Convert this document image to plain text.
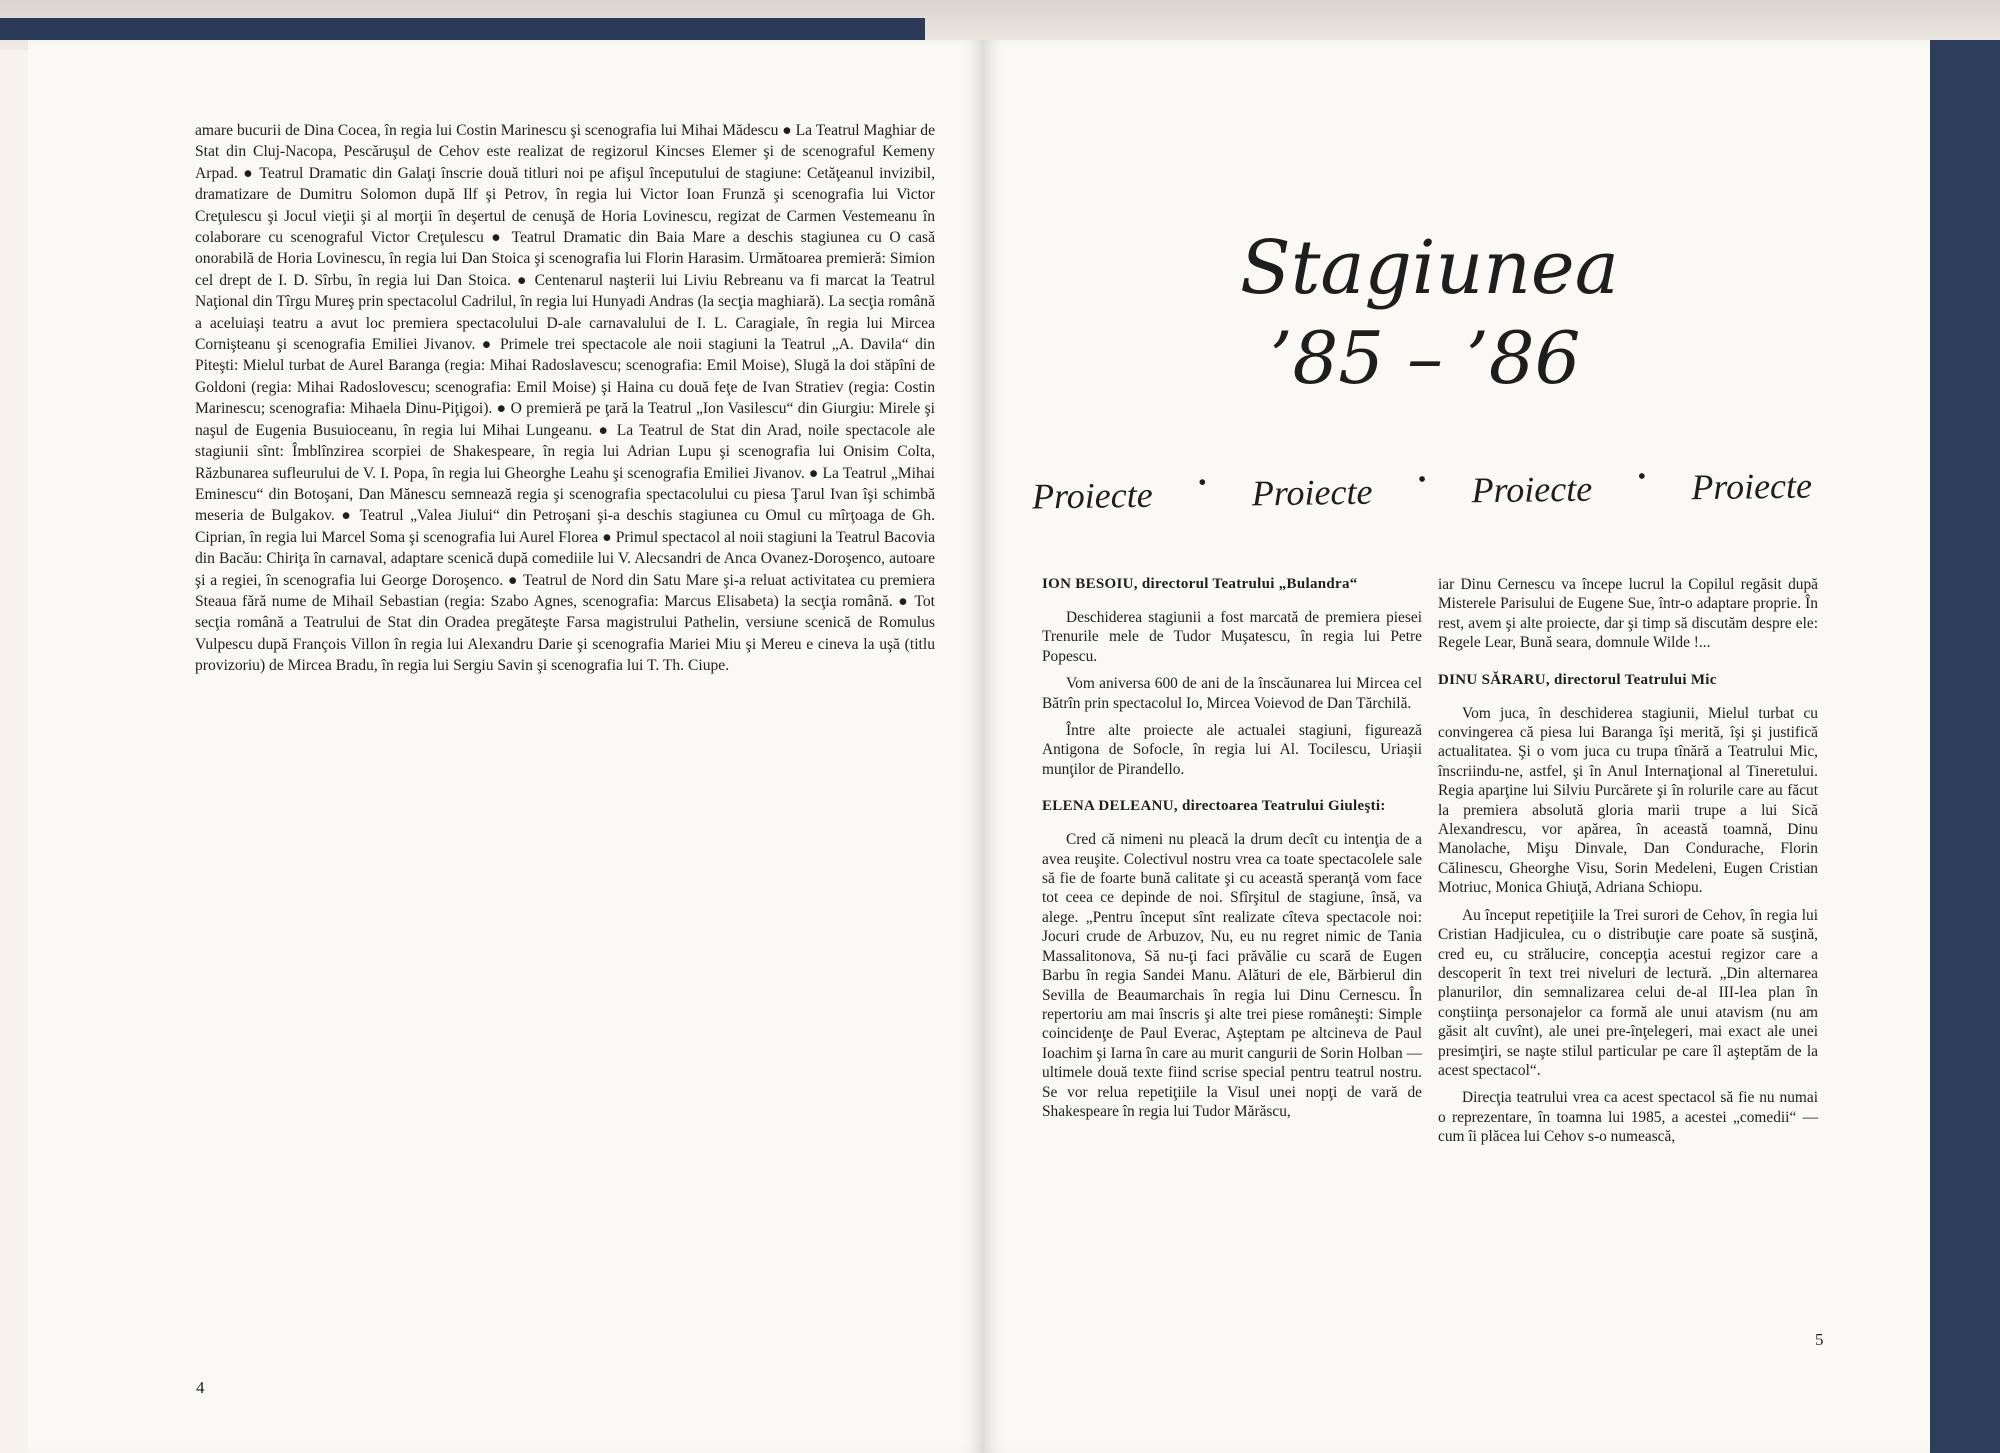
amare bucurii de Dina Cocea, în regia lui Costin Marinescu şi scenografia lui Mihai Mădescu ● La Teatrul Maghiar de Stat din Cluj-Nacopa, Pescăruşul de Cehov este realizat de regizorul Kincses Elemer şi de scenograful Kemeny Arpad. ● Teatrul Dramatic din Galaţi înscrie două titluri noi pe afişul începutului de stagiune: Cetăţeanul invizibil, dramatizare de Dumitru Solomon după Ilf şi Petrov, în regia lui Victor Ioan Frunză şi scenografia lui Victor Creţulescu şi Jocul vieţii şi al morţii în deşertul de cenuşă de Horia Lovinescu, regizat de Carmen Vestemeanu în colaborare cu scenograful Victor Creţulescu ● Teatrul Dramatic din Baia Mare a deschis stagiunea cu O casă onorabilă de Horia Lovinescu, în regia lui Dan Stoica şi scenografia lui Florin Harasim. Următoarea premieră: Simion cel drept de I. D. Sîrbu, în regia lui Dan Stoica. ● Centenarul naşterii lui Liviu Rebreanu va fi marcat la Teatrul Naţional din Tîrgu Mureş prin spectacolul Cadrilul, în regia lui Hunyadi Andras (la secţia maghiară). La secţia română a aceluiaşi teatru a avut loc premiera spectacolului D-ale carnavalului de I. L. Caragiale, în regia lui Mircea Cornişteanu şi scenografia Emiliei Jivanov. ● Primele trei spectacole ale noii stagiuni la Teatrul „A. Davila“ din Piteşti: Mielul turbat de Aurel Baranga (regia: Mihai Radoslavescu; scenografia: Emil Moise), Slugă la doi stăpîni de Goldoni (regia: Mihai Radoslovescu; scenografia: Emil Moise) şi Haina cu două feţe de Ivan Stratiev (regia: Costin Marinescu; scenografia: Mihaela Dinu-Piţigoi). ● O premieră pe ţară la Teatrul „Ion Vasilescu“ din Giurgiu: Mirele şi naşul de Eugenia Busuioceanu, în regia lui Mihai Lungeanu. ● La Teatrul de Stat din Arad, noile spectacole ale stagiunii sînt: Îmblînzirea scorpiei de Shakespeare, în regia lui Adrian Lupu şi scenografia lui Onisim Colta, Răzbunarea sufleurului de V. I. Popa, în regia lui Gheorghe Leahu şi scenografia Emiliei Jivanov. ● La Teatrul „Mihai Eminescu“ din Botoşani, Dan Mănescu semnează regia şi scenografia spectacolului cu piesa Ţarul Ivan îşi schimbă meseria de Bulgakov. ● Teatrul „Valea Jiului“ din Petroşani şi-a deschis stagiunea cu Omul cu mîrţoaga de Gh. Ciprian, în regia lui Marcel Soma şi scenografia lui Aurel Florea ● Primul spectacol al noii stagiuni la Teatrul Bacovia din Bacău: Chiriţa în carnaval, adaptare scenică după comediile lui V. Alecsandri de Anca Ovanez-Doroşenco, autoare şi a regiei, în scenografia lui George Doroşenco. ● Teatrul de Nord din Satu Mare şi-a reluat activitatea cu premiera Steaua fără nume de Mihail Sebastian (regia: Szabo Agnes, scenografia: Marcus Elisabeta) la secţia română. ● Tot secţia română a Teatrului de Stat din Oradea pregăteşte Farsa magistrului Pathelin, versiune scenică de Romulus Vulpescu după François Villon în regia lui Alexandru Darie şi scenografia Mariei Miu şi Mereu e cineva la uşă (titlu provizoriu) de Mircea Bradu, în regia lui Sergiu Savin şi scenografia lui T. Th. Ciupe.

4
Stagiunea
’85 – ’86
Proiecte • Proiecte • Proiecte • Proiecte
ION BESOIU, directorul Teatrului „Bulandra“

Deschiderea stagiunii a fost marcată de premiera piesei Trenurile mele de Tudor Muşatescu, în regia lui Petre Popescu.

Vom aniversa 600 de ani de la înscăunarea lui Mircea cel Bătrîn prin spectacolul Io, Mircea Voievod de Dan Tărchilă.

Între alte proiecte ale actualei stagiuni, figurează Antigona de Sofocle, în regia lui Al. Tocilescu, Uriaşii munţilor de Pirandello.

ELENA DELEANU, directoarea Teatrului Giuleşti:

Cred că nimeni nu pleacă la drum decît cu intenţia de a avea reuşite. Colectivul nostru vrea ca toate spectacolele sale să fie de foarte bună calitate şi cu această speranţă vom face tot ceea ce depinde de noi. Sfîrşitul de stagiune, însă, va alege. „Pentru început sînt realizate cîteva spectacole noi: Jocuri crude de Arbuzov, Nu, eu nu regret nimic de Tania Massalitonova, Să nu-ţi faci prăvălie cu scară de Eugen Barbu în regia Sandei Manu. Alături de ele, Bărbierul din Sevilla de Beaumarchais în regia lui Dinu Cernescu. În repertoriu am mai înscris şi alte trei piese româneşti: Simple coincidenţe de Paul Everac, Aşteptam pe altcineva de Paul Ioachim şi Iarna în care au murit cangurii de Sorin Holban — ultimele două texte fiind scrise special pentru teatrul nostru. Se vor relua repetiţiile la Visul unei nopţi de vară de Shakespeare în regia lui Tudor Mărăscu,

iar Dinu Cernescu va începe lucrul la Copilul regăsit după Misterele Parisului de Eugene Sue, într-o adaptare proprie. În rest, avem şi alte proiecte, dar şi timp să discutăm despre ele: Regele Lear, Bună seara, domnule Wilde !...

DINU SĂRARU, directorul Teatrului Mic

Vom juca, în deschiderea stagiunii, Mielul turbat cu convingerea că piesa lui Baranga îşi merită, îşi şi justifică actualitatea. Şi o vom juca cu trupa tînără a Teatrului Mic, înscriindu-ne, astfel, şi în Anul Internaţional al Tineretului. Regia aparţine lui Silviu Purcărete şi în rolurile care au făcut la premiera absolută gloria marii trupe a lui Sică Alexandrescu, vor apărea, în această toamnă, Dinu Manolache, Mişu Dinvale, Dan Condurache, Florin Călinescu, Gheorghe Visu, Sorin Medeleni, Eugen Cristian Motriuc, Monica Ghiuţă, Adriana Schiopu.

Au început repetiţiile la Trei surori de Cehov, în regia lui Cristian Hadjiculea, cu o distribuţie care poate să susţină, cred eu, cu strălucire, concepţia acestui regizor care a descoperit în text trei niveluri de lectură. „Din alternarea planurilor, din semnalizarea celui de-al III-lea plan în conştiinţa personajelor ca formă ale unui atavism (nu am găsit alt cuvînt), ale unei pre-înţelegeri, mai exact ale unei presimţiri, se naşte stilul particular pe care îl aşteptăm de la acest spectacol“.

Direcţia teatrului vrea ca acest spectacol să fie nu numai o reprezentare, în toamna lui 1985, a acestei „comedii“ — cum îi plăcea lui Cehov s-o numească,

5
